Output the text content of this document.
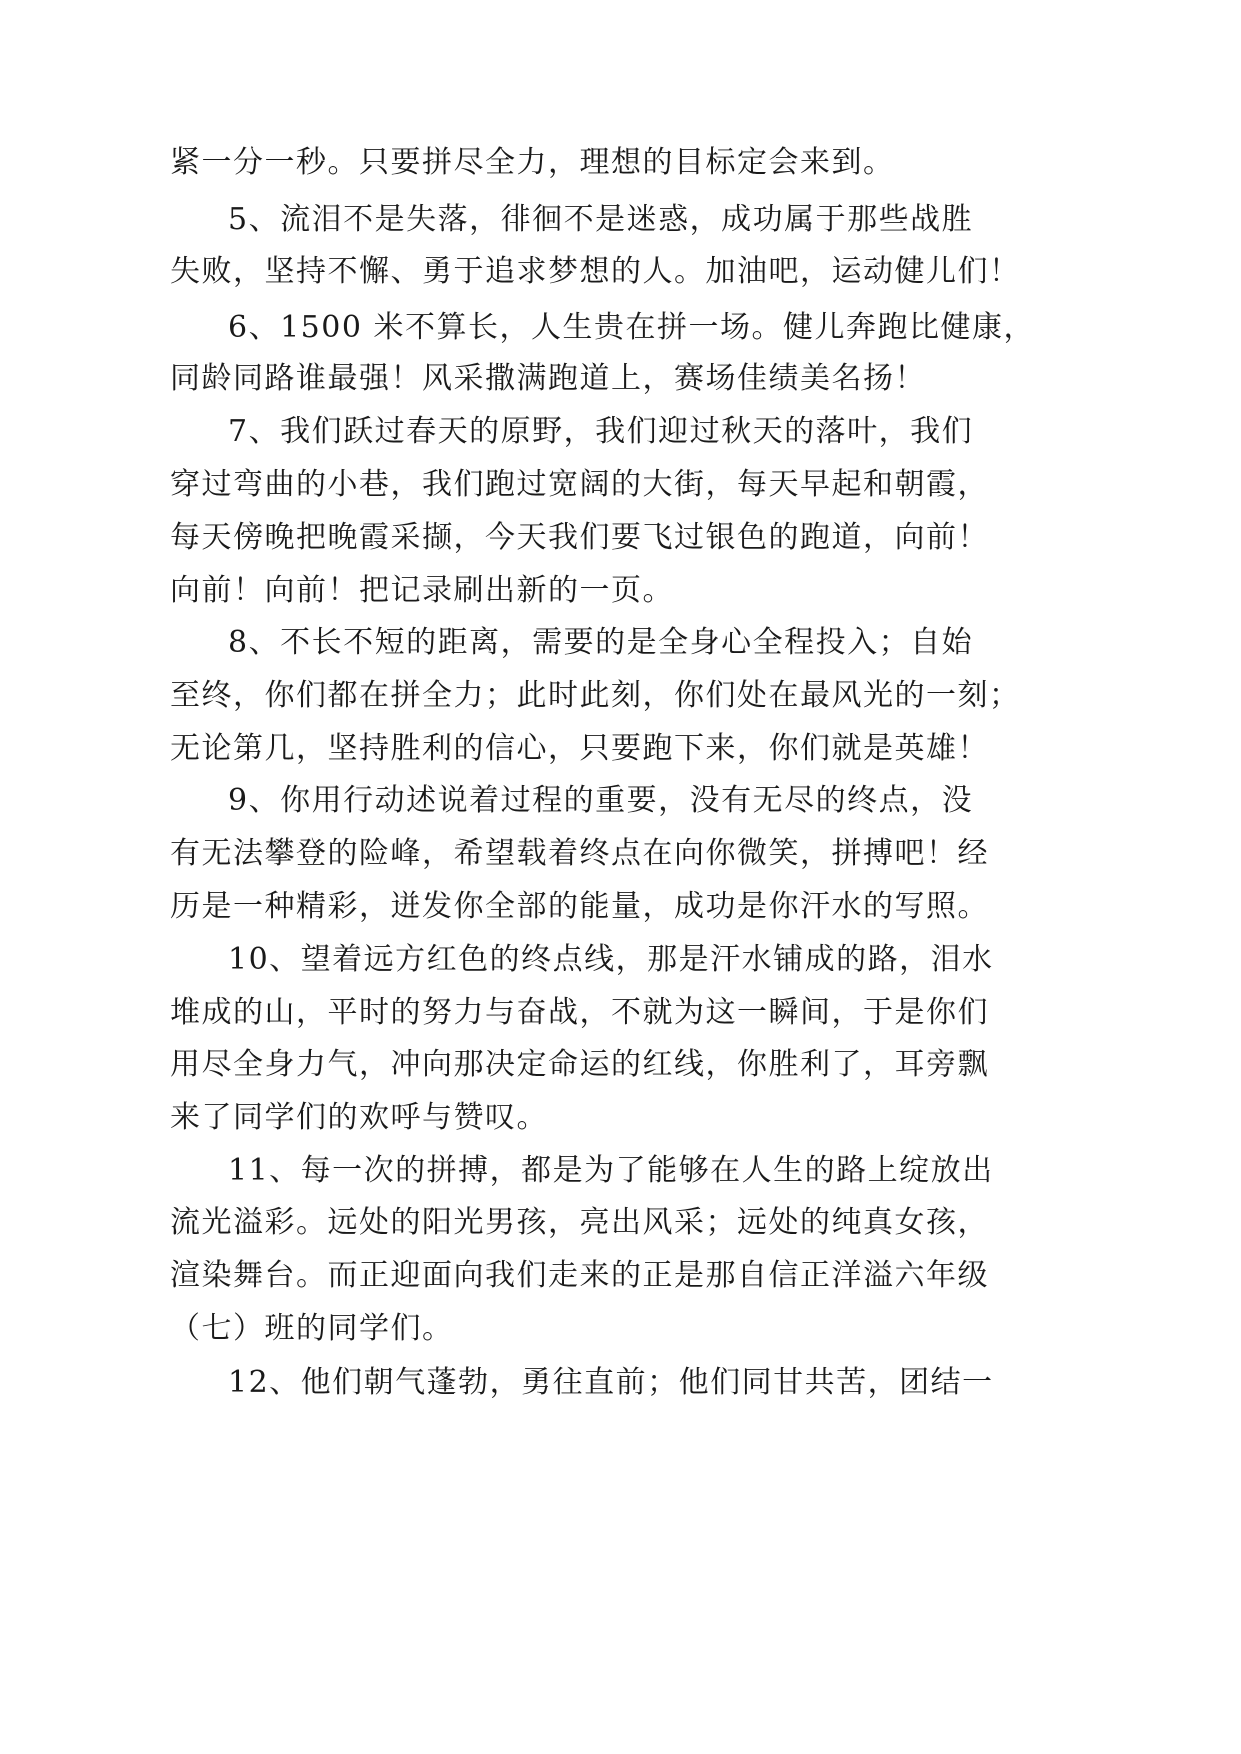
紧一分一秒。只要拼尽全力，理想的目标定会来到。

5、流泪不是失落，徘徊不是迷惑，成功属于那些战胜

失败，坚持不懈、勇于追求梦想的人。加油吧，运动健儿们！

6、1500 米不算长，人生贵在拼一场。健儿奔跑比健康，

同龄同路谁最强！风采撒满跑道上，赛场佳绩美名扬！

7、我们跃过春天的原野，我们迎过秋天的落叶，我们

穿过弯曲的小巷，我们跑过宽阔的大街，每天早起和朝霞，

每天傍晚把晚霞采撷，今天我们要飞过银色的跑道，向前！

向前！向前！把记录刷出新的一页。

8、不长不短的距离，需要的是全身心全程投入；自始

至终，你们都在拼全力；此时此刻，你们处在最风光的一刻；

无论第几，坚持胜利的信心，只要跑下来，你们就是英雄！

9、你用行动述说着过程的重要，没有无尽的终点，没

有无法攀登的险峰，希望载着终点在向你微笑，拼搏吧！经

历是一种精彩，迸发你全部的能量，成功是你汗水的写照。

10、望着远方红色的终点线，那是汗水铺成的路，泪水

堆成的山，平时的努力与奋战，不就为这一瞬间，于是你们

用尽全身力气，冲向那决定命运的红线，你胜利了，耳旁飘

来了同学们的欢呼与赞叹。

11、每一次的拼搏，都是为了能够在人生的路上绽放出

流光溢彩。远处的阳光男孩，亮出风采；远处的纯真女孩，

渲染舞台。而正迎面向我们走来的正是那自信正洋溢六年级

（七）班的同学们。

12、他们朝气蓬勃，勇往直前；他们同甘共苦，团结一
